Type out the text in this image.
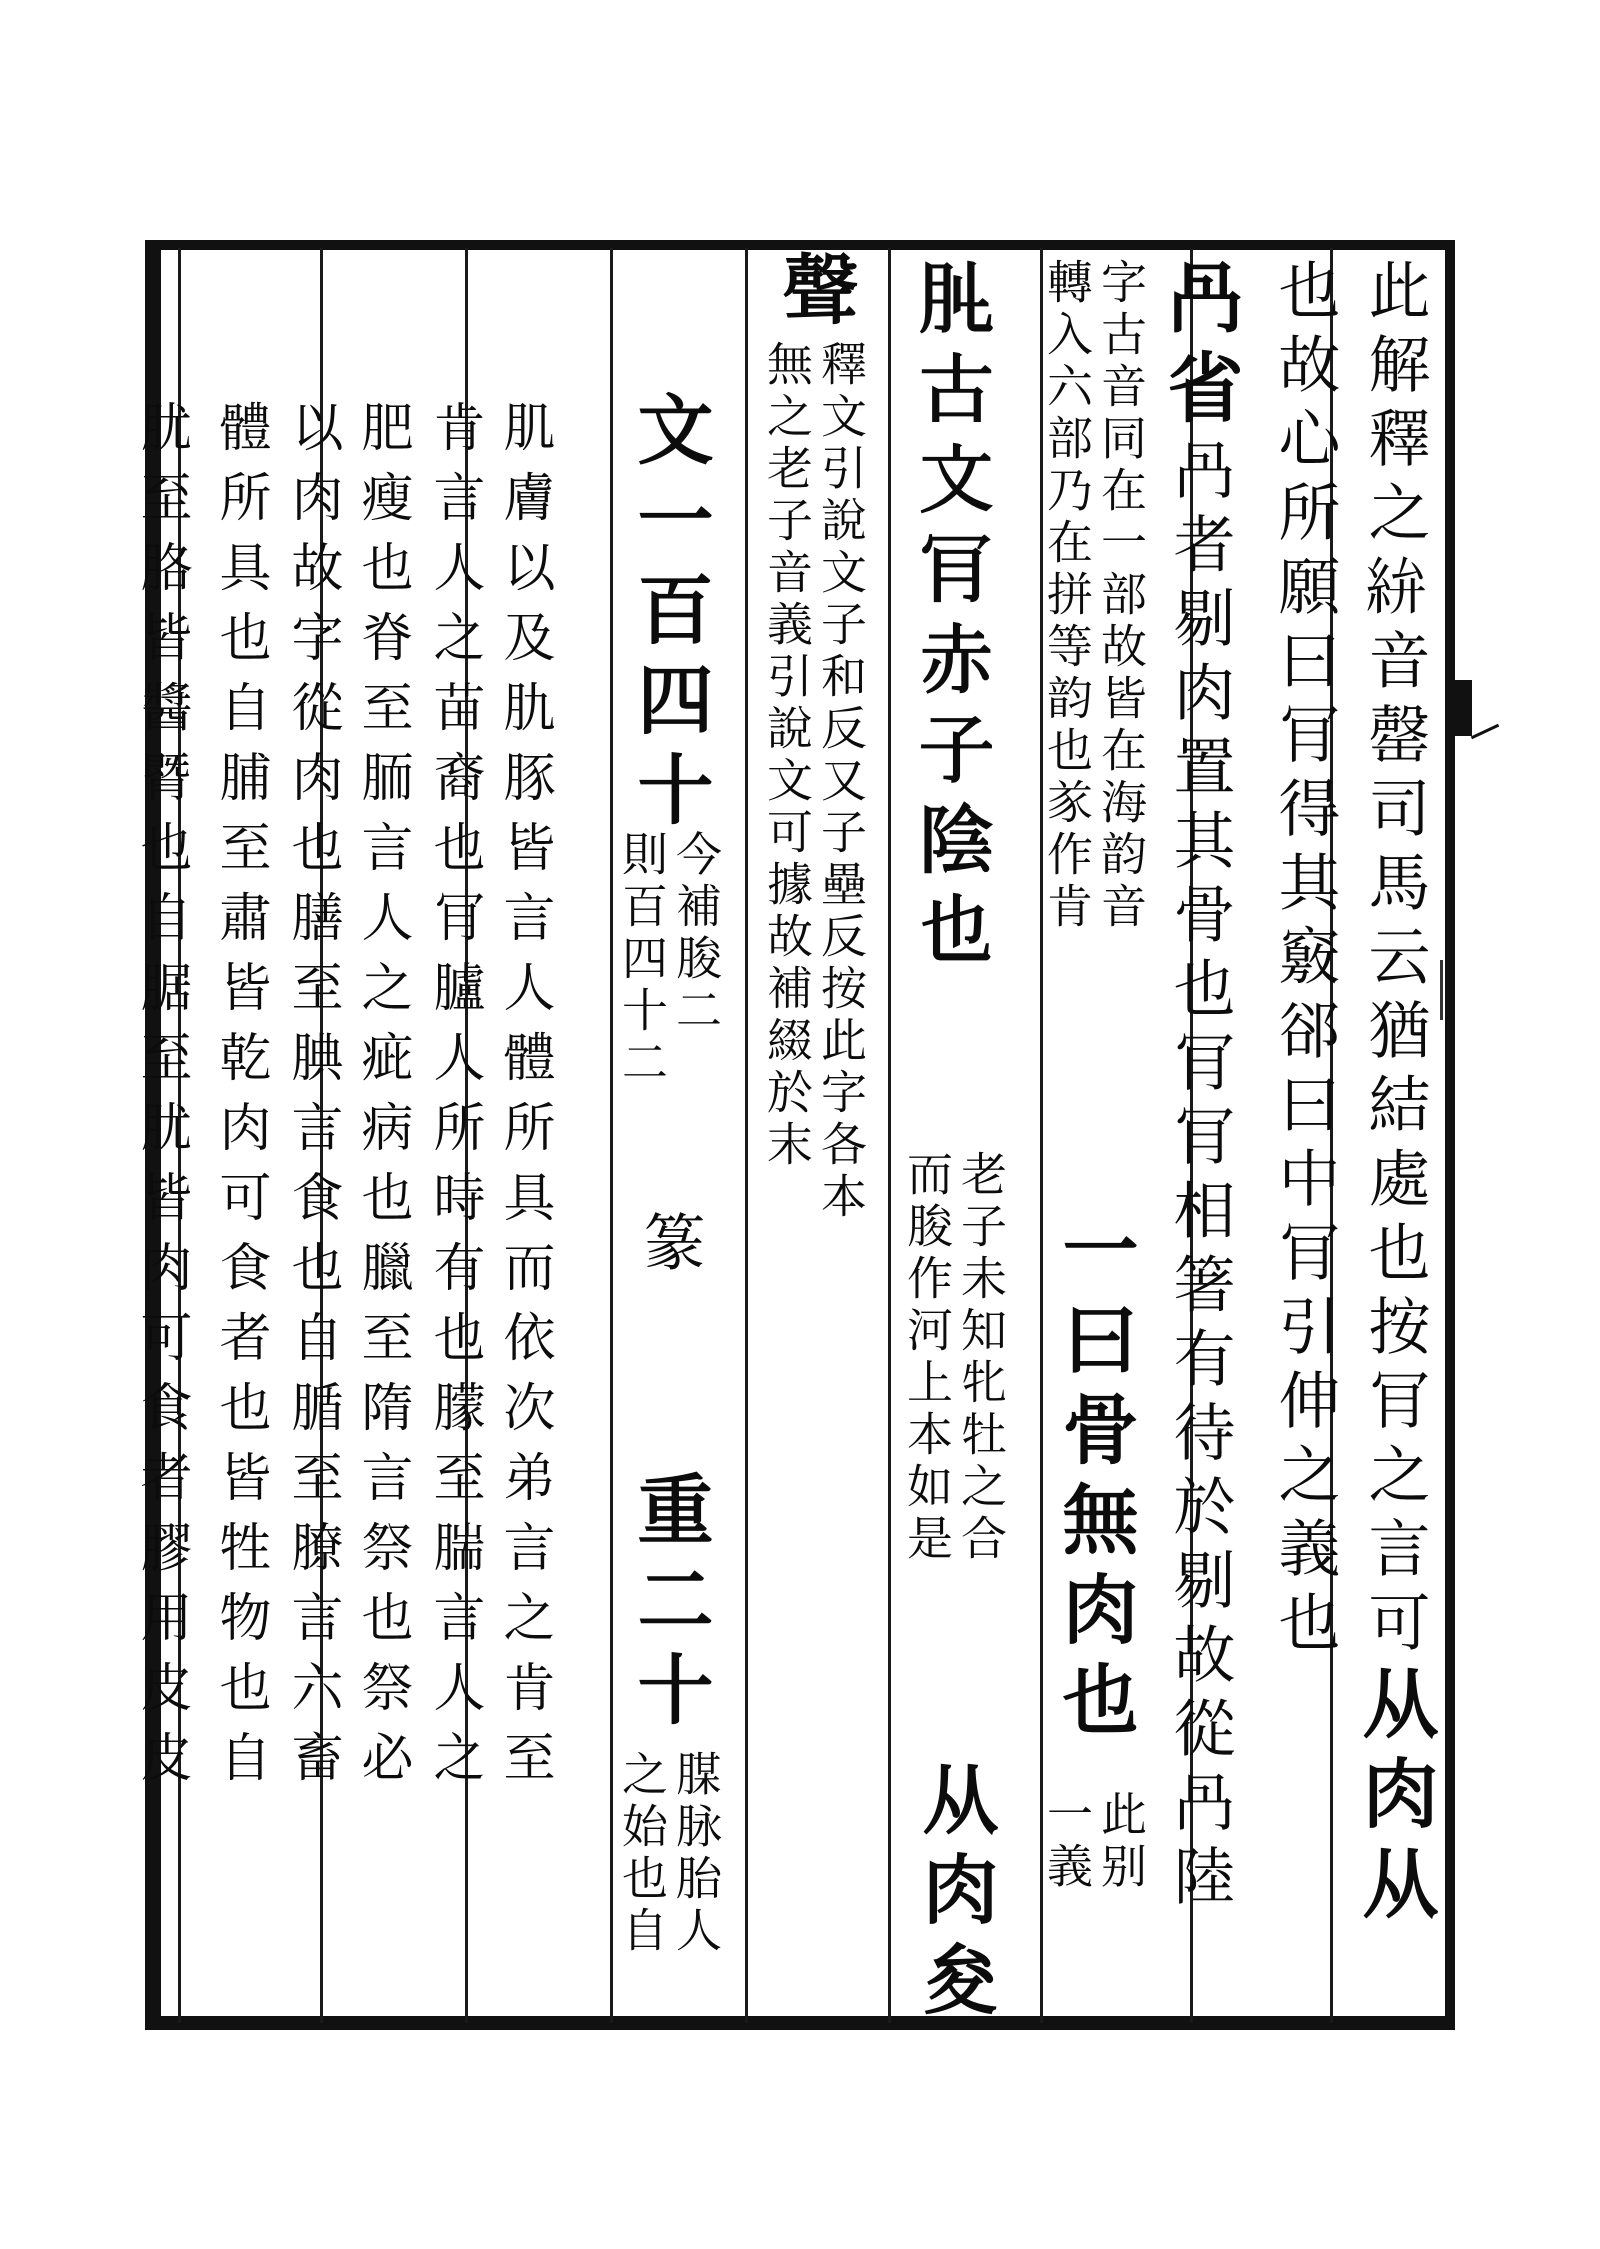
此解釋之𥿋音罄司馬云猶結處也按肎之言可从肉从
也故心所願曰肎得其竅郤曰中肎引伸之義也
冎省冎者剔肉置其骨也肎肎相箸有待於剔故從冎陸
字古音同在一部故皆在海韵音
轉入六部乃在拼等韵也㒸作肯
一曰骨無肉也
此别
一義
𦘳古文肎赤子陰也
老子未知牝牡之合
而朘作河上本如是
从肉夋
聲
釋文引說文子和反又子壘反按此字各本
無之老子音義引說文可據故補綴於末
文一百四十
今補朘二
則百四十二
篆
重二十
腜脉胎人
之始也自
肌膚以及肍豚皆言人體所具而依次弟言之肯至
肯言人之苗裔也肎臚人所時有也朦至腨言人之
肥瘦也脊至胹言人之疵病也臘至隋言祭也祭必
以肉故字從肉也膳至腆言食也自腯至膫言六畜
體所具也自脯至肅皆乾肉可食者也皆牲物也自
肬至胳皆醬䐴也自腒至肬皆肉可食者膠用皮皮
